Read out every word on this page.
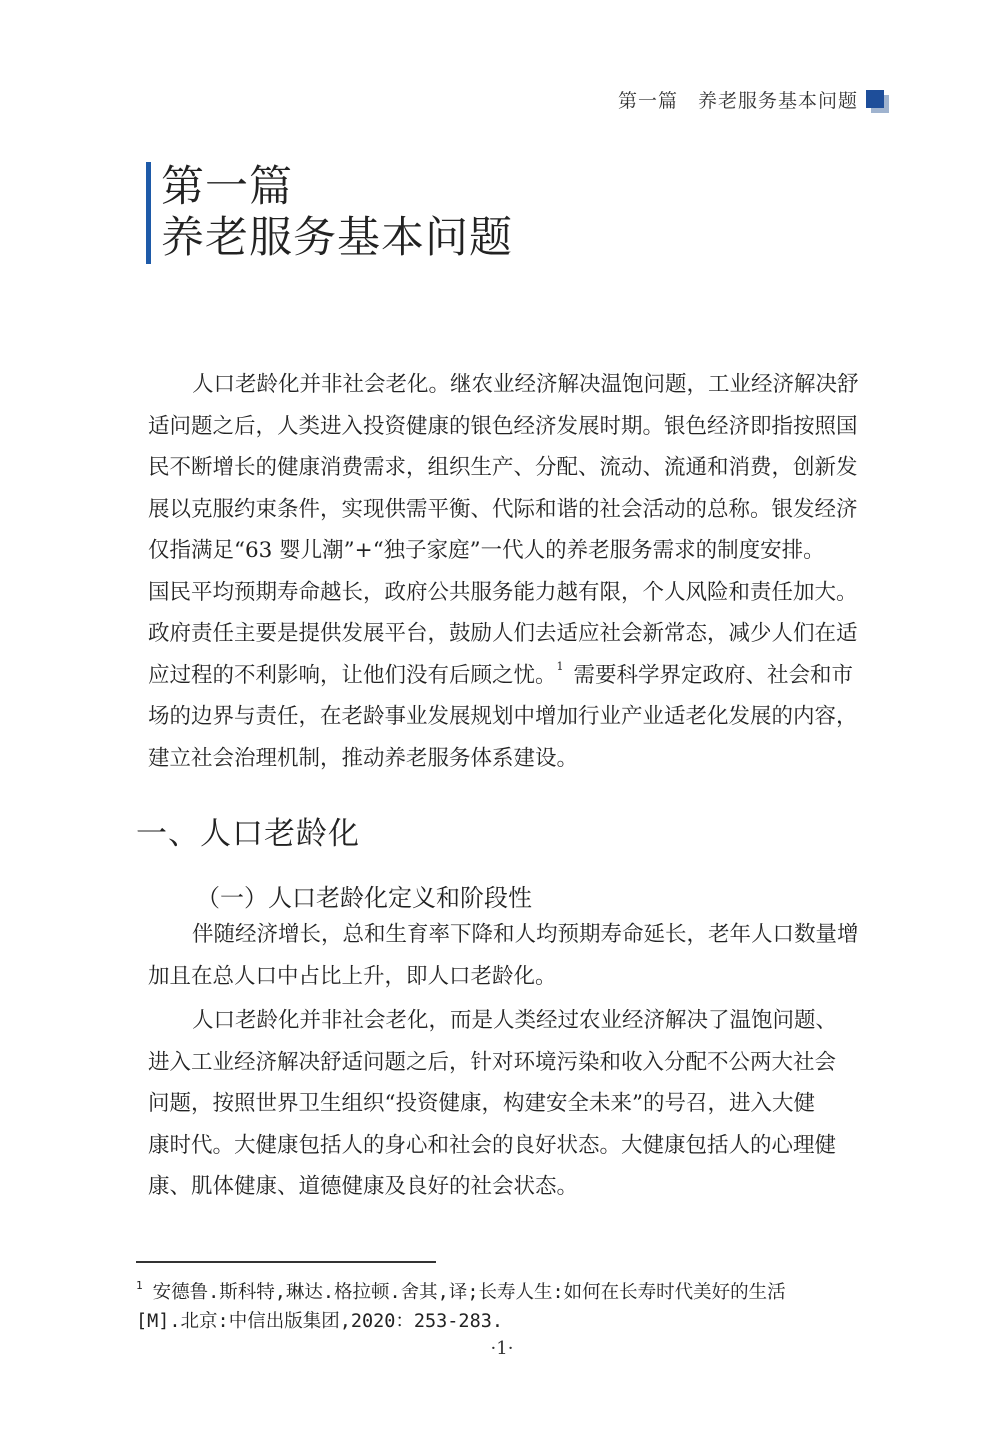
第一篇 养老服务基本问题
第一篇
养老服务基本问题
人口老龄化并非社会老化。继农业经济解决温饱问题，工业经济解决舒
适问题之后，人类进入投资健康的银色经济发展时期。银色经济即指按照国
民不断增长的健康消费需求，组织生产、分配、流动、流通和消费，创新发
展以克服约束条件，实现供需平衡、代际和谐的社会活动的总称。银发经济
仅指满足“63 婴儿潮”+“独子家庭”一代人的养老服务需求的制度安排。
国民平均预期寿命越长，政府公共服务能力越有限，个人风险和责任加大。
政府责任主要是提供发展平台，鼓励人们去适应社会新常态，减少人们在适
应过程的不利影响，让他们没有后顾之忧。$^1$ 需要科学界定政府、社会和市
场的边界与责任，在老龄事业发展规划中增加行业产业适老化发展的内容，
建立社会治理机制，推动养老服务体系建设。
一、人口老龄化
（一）人口老龄化定义和阶段性
伴随经济增长，总和生育率下降和人均预期寿命延长，老年人口数量增
加且在总人口中占比上升，即人口老龄化。
人口老龄化并非社会老化，而是人类经过农业经济解决了温饱问题、
进入工业经济解决舒适问题之后，针对环境污染和收入分配不公两大社会
问题，按照世界卫生组织“投资健康，构建安全未来”的号召，进入大健
康时代。大健康包括人的身心和社会的良好状态。大健康包括人的心理健
康、肌体健康、道德健康及良好的社会状态。
$^1$ 安德鲁.斯科特,琳达.格拉顿.舍其,译;长寿人生:如何在长寿时代美好的生活
[M].北京:中信出版集团,2020：253-283.
·1·
